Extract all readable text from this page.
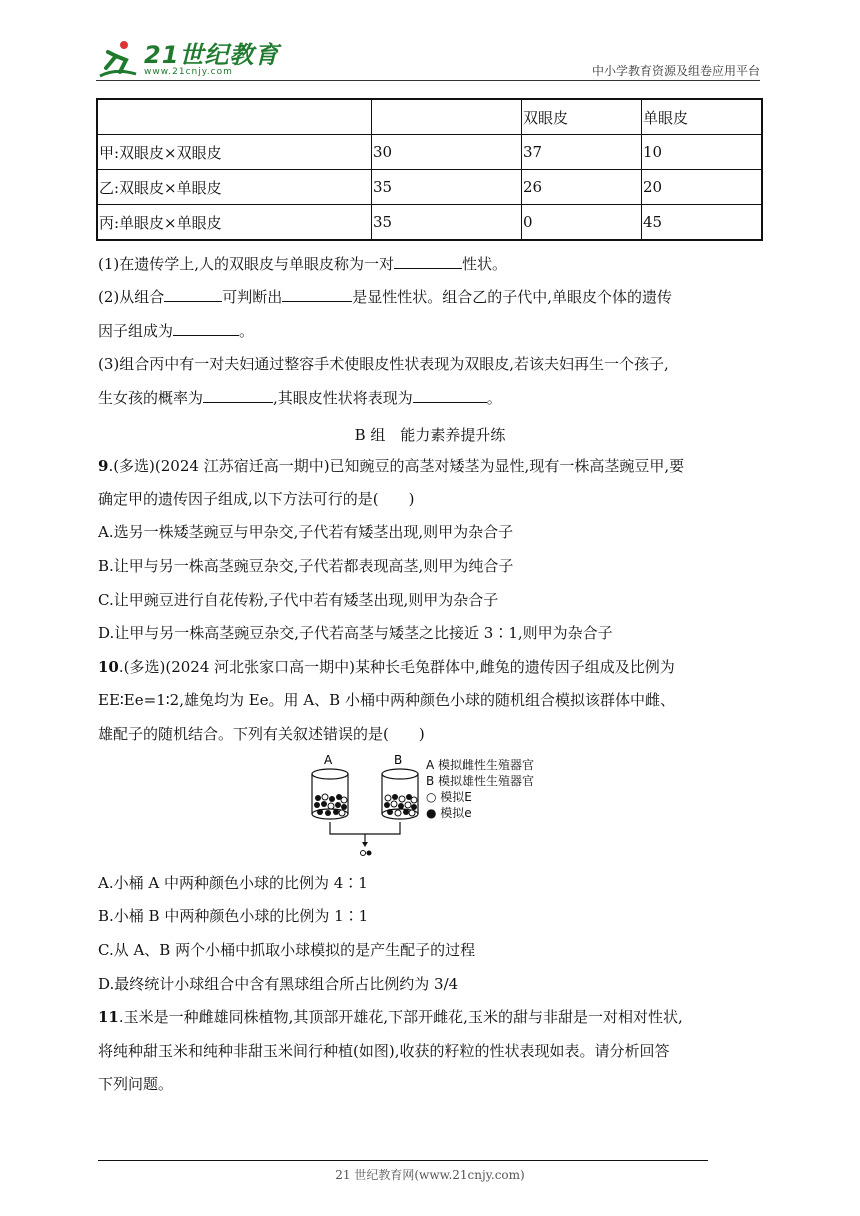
21世纪教育
www.21cnjy.com	中小学教育资源及组卷应用平台
		双眼皮	单眼皮
甲:双眼皮×双眼皮	30	37	10
乙:双眼皮×单眼皮	35	26	20
丙:单眼皮×单眼皮	35	0	45
(1)在遗传学上,人的双眼皮与单眼皮称为一对	性状。
(2)从组合	可判断出	是显性性状。组合乙的子代中,单眼皮个体的遗传
因子组成为	。
(3)组合丙中有一对夫妇通过整容手术使眼皮性状表现为双眼皮,若该夫妇再生一个孩子,
生女孩的概率为	,其眼皮性状将表现为	。
B 组　能力素养提升练
9.(多选)(2024 江苏宿迁高一期中)已知豌豆的高茎对矮茎为显性,现有一株高茎豌豆甲,要
确定甲的遗传因子组成,以下方法可行的是(　　)
A.选另一株矮茎豌豆与甲杂交,子代若有矮茎出现,则甲为杂合子
B.让甲与另一株高茎豌豆杂交,子代若都表现高茎,则甲为纯合子
C.让甲豌豆进行自花传粉,子代中若有矮茎出现,则甲为杂合子
D.让甲与另一株高茎豌豆杂交,子代若高茎与矮茎之比接近 3∶1,则甲为杂合子
10.(多选)(2024 河北张家口高一期中)某种长毛兔群体中,雌兔的遗传因子组成及比例为
EE∶Ee=1∶2,雄兔均为 Ee。用 A、B 小桶中两种颜色小球的随机组合模拟该群体中雌、
雄配子的随机结合。下列有关叙述错误的是(　　)
A	B A 模拟雌性生殖器官
B 模拟雄性生殖器官
○ 模拟E
● 模拟e
A.小桶 A 中两种颜色小球的比例为 4∶1
B.小桶 B 中两种颜色小球的比例为 1∶1
C.从 A、B 两个小桶中抓取小球模拟的是产生配子的过程
D.最终统计小球组合中含有黑球组合所占比例约为 3/4
11.玉米是一种雌雄同株植物,其顶部开雄花,下部开雌花,玉米的甜与非甜是一对相对性状,
将纯种甜玉米和纯种非甜玉米间行种植(如图),收获的籽粒的性状表现如表。请分析回答
下列问题。
21 世纪教育网(www.21cnjy.com)
